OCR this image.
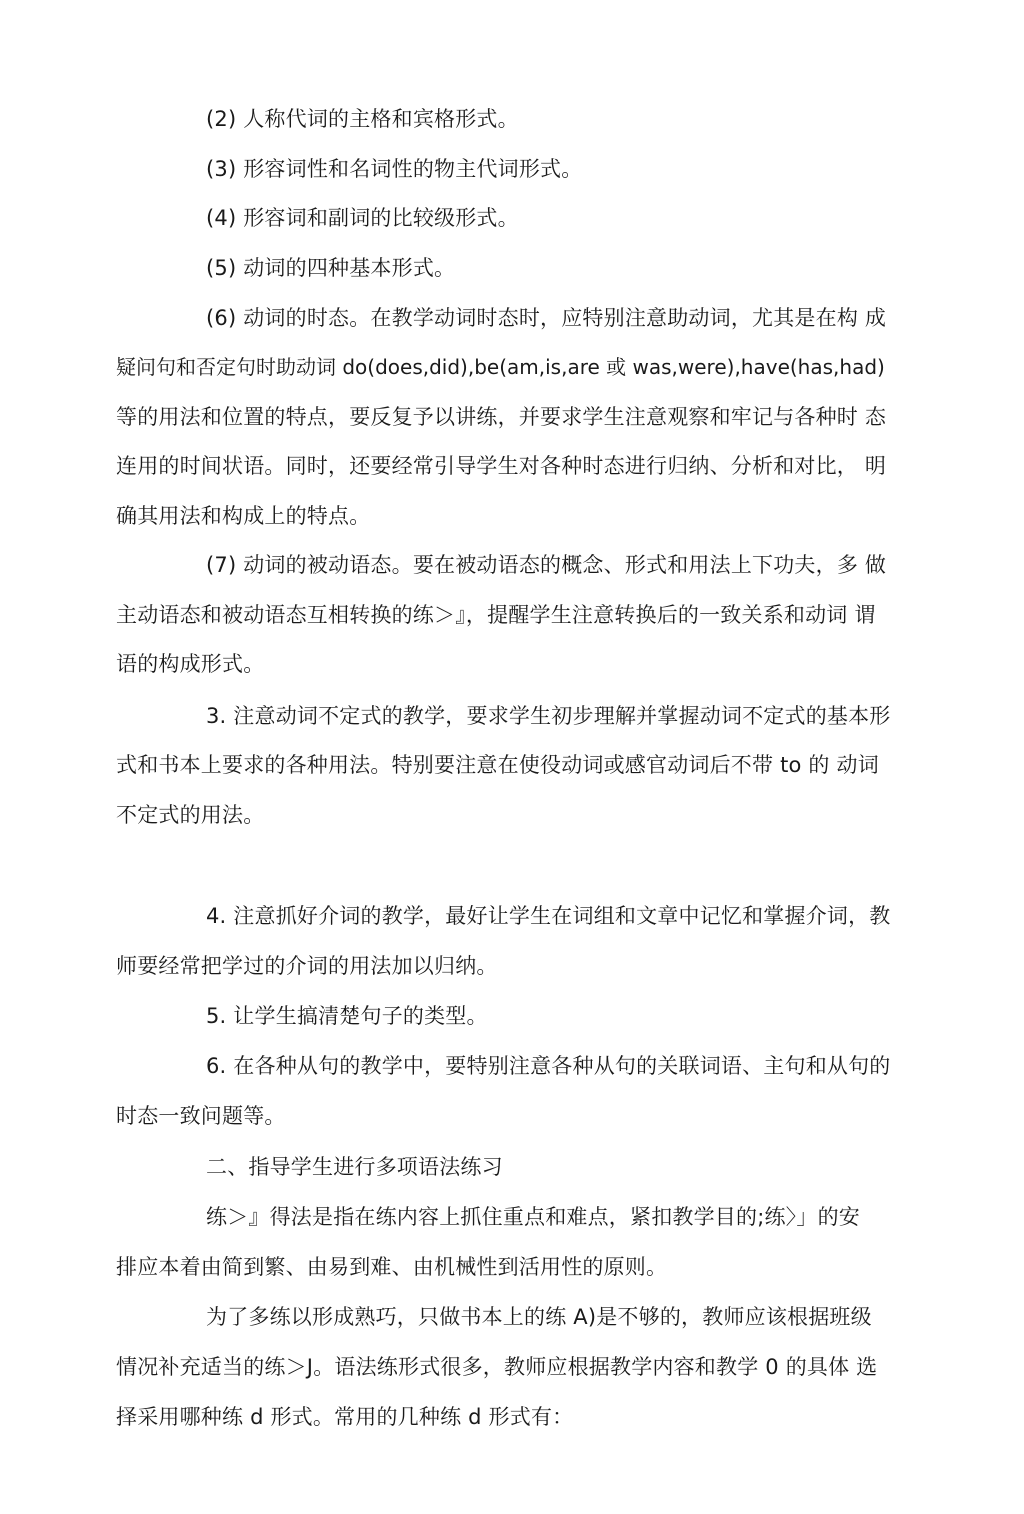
(2) 人称代词的主格和宾格形式。
(3) 形容词性和名词性的物主代词形式。
(4) 形容词和副词的比较级形式。
(5) 动词的四种基本形式。
(6) 动词的时态。在教学动词时态时，应特别注意助动词，尤其是在构 成
疑问句和否定句时助动词 do(does,did),be(am,is,are 或 was,were),have(has,had)
等的用法和位置的特点，要反复予以讲练，并要求学生注意观察和牢记与各种时 态
连用的时间状语。同时，还要经常引导学生对各种时态进行归纳、分析和对比， 明
确其用法和构成上的特点。
(7) 动词的被动语态。要在被动语态的概念、形式和用法上下功夫，多 做
主动语态和被动语态互相转换的练＞』，提醒学生注意转换后的一致关系和动词 谓
语的构成形式。
3. 注意动词不定式的教学，要求学生初步理解并掌握动词不定式的基本形
式和书本上要求的各种用法。特别要注意在使役动词或感官动词后不带 to 的 动词
不定式的用法。
4. 注意抓好介词的教学，最好让学生在词组和文章中记忆和掌握介词，教
师要经常把学过的介词的用法加以归纳。
5. 让学生搞清楚句子的类型。
6. 在各种从句的教学中，要特别注意各种从句的关联词语、主句和从句的
时态一致问题等。
二、指导学生进行多项语法练习
练＞』得法是指在练内容上抓住重点和难点，紧扣教学目的;练〉」的安
排应本着由简到繁、由易到难、由机械性到活用性的原则。
为了多练以形成熟巧，只做书本上的练 A)是不够的，教师应该根据班级
情况补充适当的练＞J。语法练形式很多，教师应根据教学内容和教学 0 的具体 选
择采用哪种练 d 形式。常用的几种练 d 形式有：
